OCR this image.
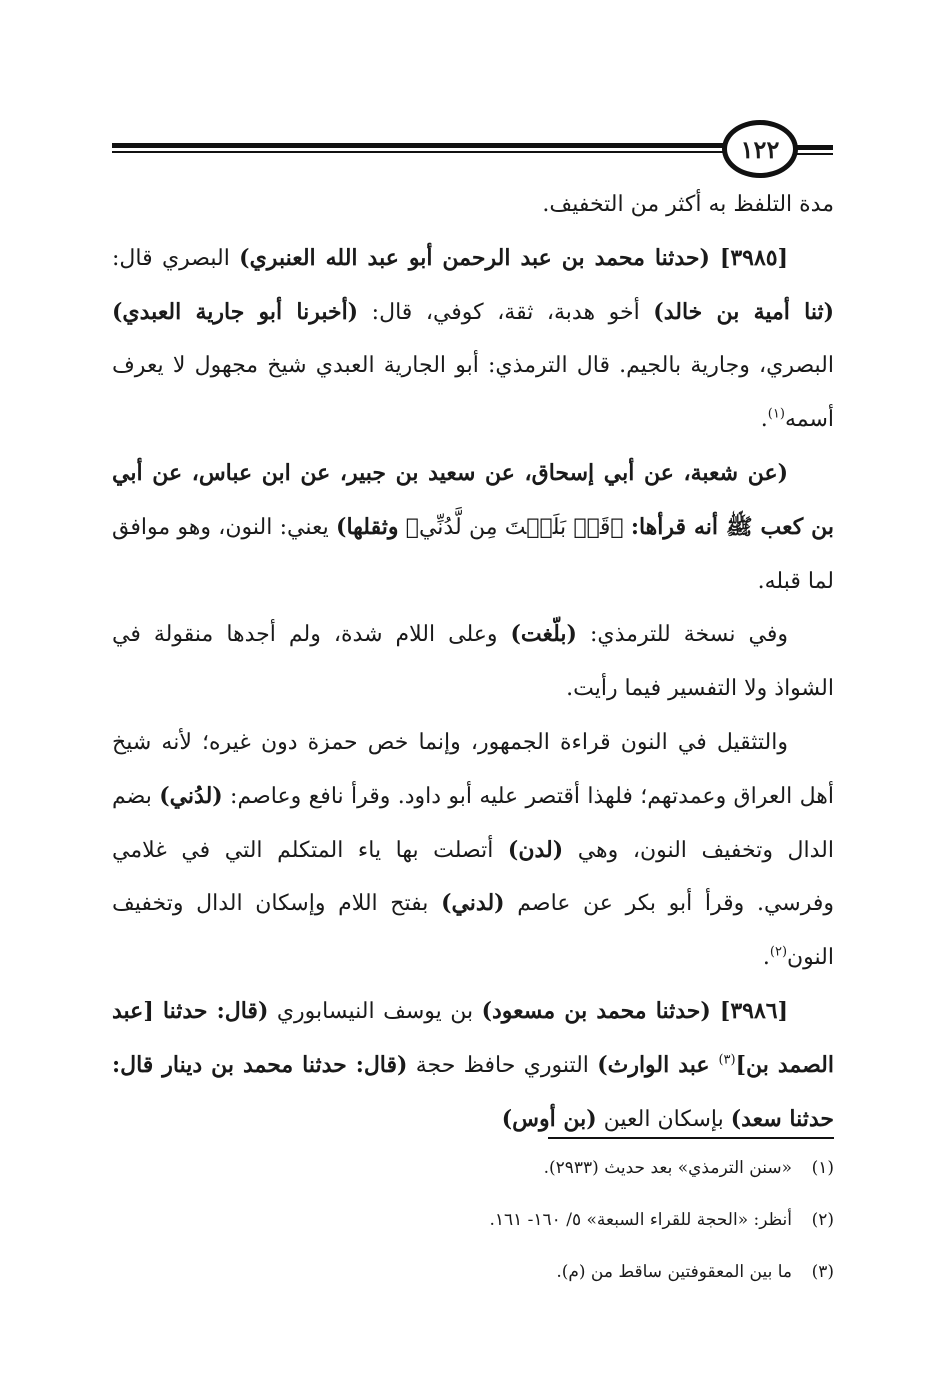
١٢٢

مدة التلفظ به أكثر من التخفيف.

[٣٩٨٥] (حدثنا محمد بن عبد الرحمن أبو عبد الله العنبري) البصري قال: (ثنا أمية بن خالد) أخو هدبة، ثقة، كوفي، قال: (أخبرنا أبو جارية العبدي) البصري، وجارية بالجيم. قال الترمذي: أبو الجارية العبدي شيخ مجهول لا يعرف أسمه$^{(١)}$.

(عن شعبة، عن أبي إسحاق، عن سعيد بن جبير، عن ابن عباس، عن أبي بن كعب ﷺ أنه قرأها: ﴿قَدۡ بَلَغۡتَ مِن لَّدُنِّي﴾ وثقلها) يعني: النون، وهو موافق لما قبله.

وفي نسخة للترمذي: (بلّغت) وعلى اللام شدة، ولم أجدها منقولة في الشواذ ولا التفسير فيما رأيت.

والتثقيل في النون قراءة الجمهور، وإنما خص حمزة دون غيره؛ لأنه شيخ أهل العراق وعمدتهم؛ فلهذا أقتصر عليه أبو داود. وقرأ نافع وعاصم: (لدُني) بضم الدال وتخفيف النون، وهي (لدن) أتصلت بها ياء المتكلم التي في غلامي وفرسي. وقرأ أبو بكر عن عاصم (لدني) بفتح اللام وإسكان الدال وتخفيف النون$^{(٢)}$.

[٣٩٨٦] (حدثنا محمد بن مسعود) بن يوسف النيسابوري (قال: حدثنا [عبد الصمد بن]$^{(٣)}$ عبد الوارث) التنوري حافظ حجة (قال: حدثنا محمد بن دينار قال: حدثنا سعد) بإسكان العين (بن أوس)

(١)«سنن الترمذي» بعد حديث (٢٩٣٣).

(٢)أنظر: «الحجة للقراء السبعة» ٥/ ١٦٠- ١٦١.

(٣)ما بين المعقوفتين ساقط من (م).
